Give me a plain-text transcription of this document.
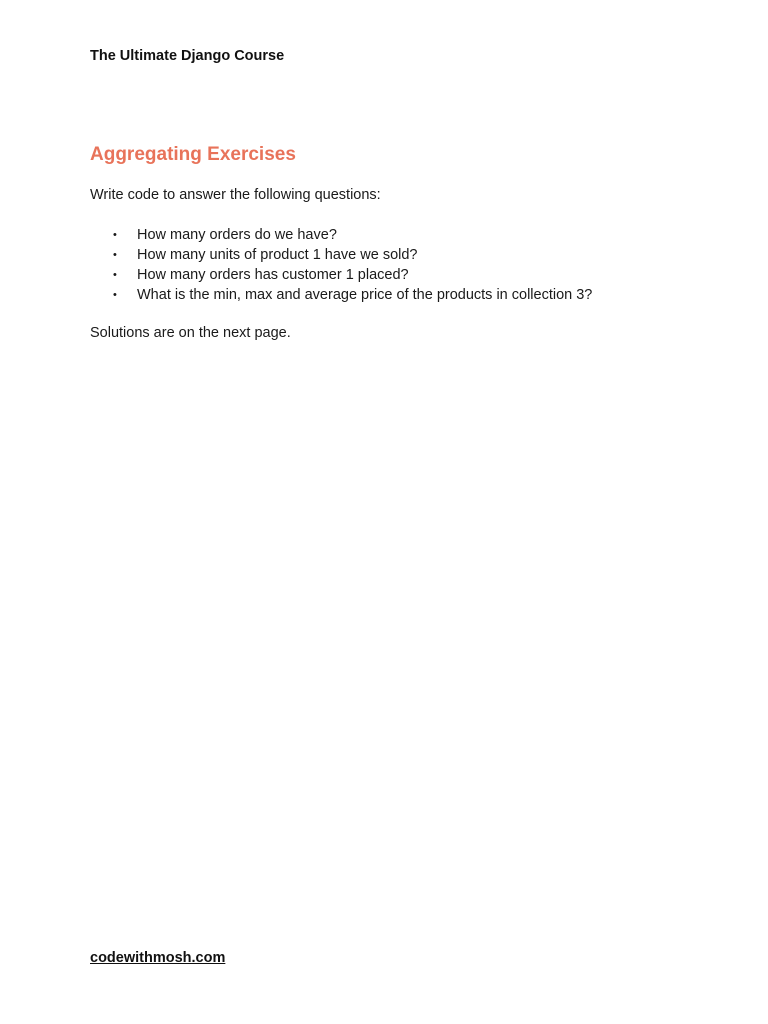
The Ultimate Django Course
Aggregating Exercises
Write code to answer the following questions:
• How many orders do we have?
• How many units of product 1 have we sold?
• How many orders has customer 1 placed?
• What is the min, max and average price of the products in collection 3?
Solutions are on the next page.
codewithmosh.com
